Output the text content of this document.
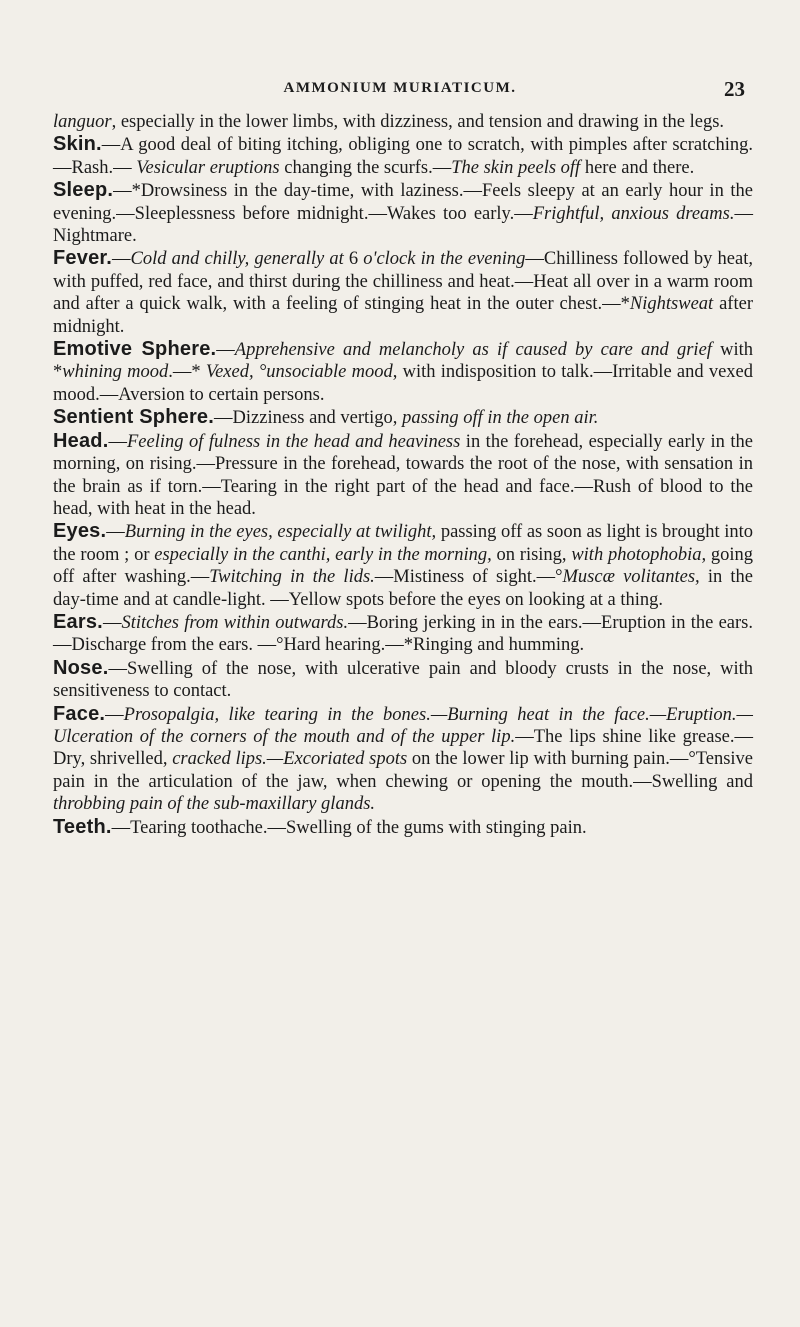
AMMONIUM MURIATICUM.	23

languor, especially in the lower limbs, with dizziness, and tension and drawing in the legs.

Skin.—A good deal of biting itching, obliging one to scratch, with pimples after scratching.—Rash.— Vesicular eruptions changing the scurfs.—The skin peels off here and there.

Sleep.—*Drowsiness in the day-time, with laziness.—Feels sleepy at an early hour in the evening.—Sleeplessness before midnight.—Wakes too early.—Frightful, anxious dreams.—Nightmare.

Fever.—Cold and chilly, generally at 6 o'clock in the evening—Chilliness followed by heat, with puffed, red face, and thirst during the chilliness and heat.—Heat all over in a warm room and after a quick walk, with a feeling of stinging heat in the outer chest.—*Nightsweat after midnight.

Emotive Sphere.—Apprehensive and melancholy as if caused by care and grief with *whining mood.—* Vexed, °unsociable mood, with indisposition to talk.—Irritable and vexed mood.—Aversion to certain persons.

Sentient Sphere.—Dizziness and vertigo, passing off in the open air.

Head.—Feeling of fulness in the head and heaviness in the forehead, especially early in the morning, on rising.—Pressure in the forehead, towards the root of the nose, with sensation in the brain as if torn.—Tearing in the right part of the head and face.—Rush of blood to the head, with heat in the head.

Eyes.—Burning in the eyes, especially at twilight, passing off as soon as light is brought into the room ; or especially in the canthi, early in the morning, on rising, with photophobia, going off after washing.—Twitching in the lids.—Mistiness of sight.—°Muscæ volitantes, in the day-time and at candle-light. —Yellow spots before the eyes on looking at a thing.

Ears.—Stitches from within outwards.—Boring jerking in in the ears.—Eruption in the ears.—Discharge from the ears. —°Hard hearing.—*Ringing and humming.

Nose.—Swelling of the nose, with ulcerative pain and bloody crusts in the nose, with sensitiveness to contact.

Face.—Prosopalgia, like tearing in the bones.—Burning heat in the face.—Eruption.— Ulceration of the corners of the mouth and of the upper lip.—The lips shine like grease.—Dry, shrivelled, cracked lips.—Excoriated spots on the lower lip with burning pain.—°Tensive pain in the articulation of the jaw, when chewing or opening the mouth.—Swelling and throbbing pain of the sub-maxillary glands.

Teeth.—Tearing toothache.—Swelling of the gums with stinging pain.
